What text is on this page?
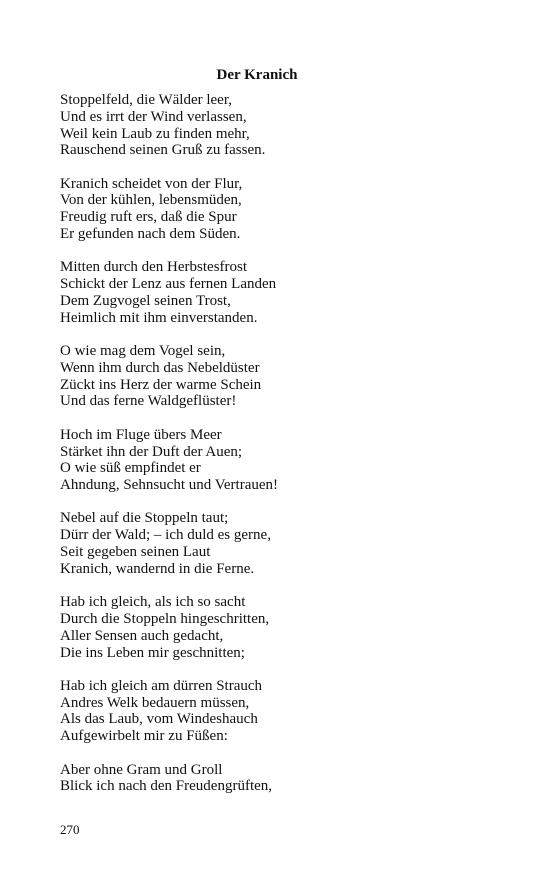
Der Kranich
Stoppelfeld, die Wälder leer,
Und es irrt der Wind verlassen,
Weil kein Laub zu finden mehr,
Rauschend seinen Gruß zu fassen.
Kranich scheidet von der Flur,
Von der kühlen, lebensmüden,
Freudig ruft ers, daß die Spur
Er gefunden nach dem Süden.
Mitten durch den Herbstesfrost
Schickt der Lenz aus fernen Landen
Dem Zugvogel seinen Trost,
Heimlich mit ihm einverstanden.
O wie mag dem Vogel sein,
Wenn ihm durch das Nebeldüster
Zückt ins Herz der warme Schein
Und das ferne Waldgeflüster!
Hoch im Fluge übers Meer
Stärket ihn der Duft der Auen;
O wie süß empfindet er
Ahndung, Sehnsucht und Vertrauen!
Nebel auf die Stoppeln taut;
Dürr der Wald; – ich duld es gerne,
Seit gegeben seinen Laut
Kranich, wandernd in die Ferne.
Hab ich gleich, als ich so sacht
Durch die Stoppeln hingeschritten,
Aller Sensen auch gedacht,
Die ins Leben mir geschnitten;
Hab ich gleich am dürren Strauch
Andres Welk bedauern müssen,
Als das Laub, vom Windeshauch
Aufgewirbelt mir zu Füßen:
Aber ohne Gram und Groll
Blick ich nach den Freudengrüften,
270
